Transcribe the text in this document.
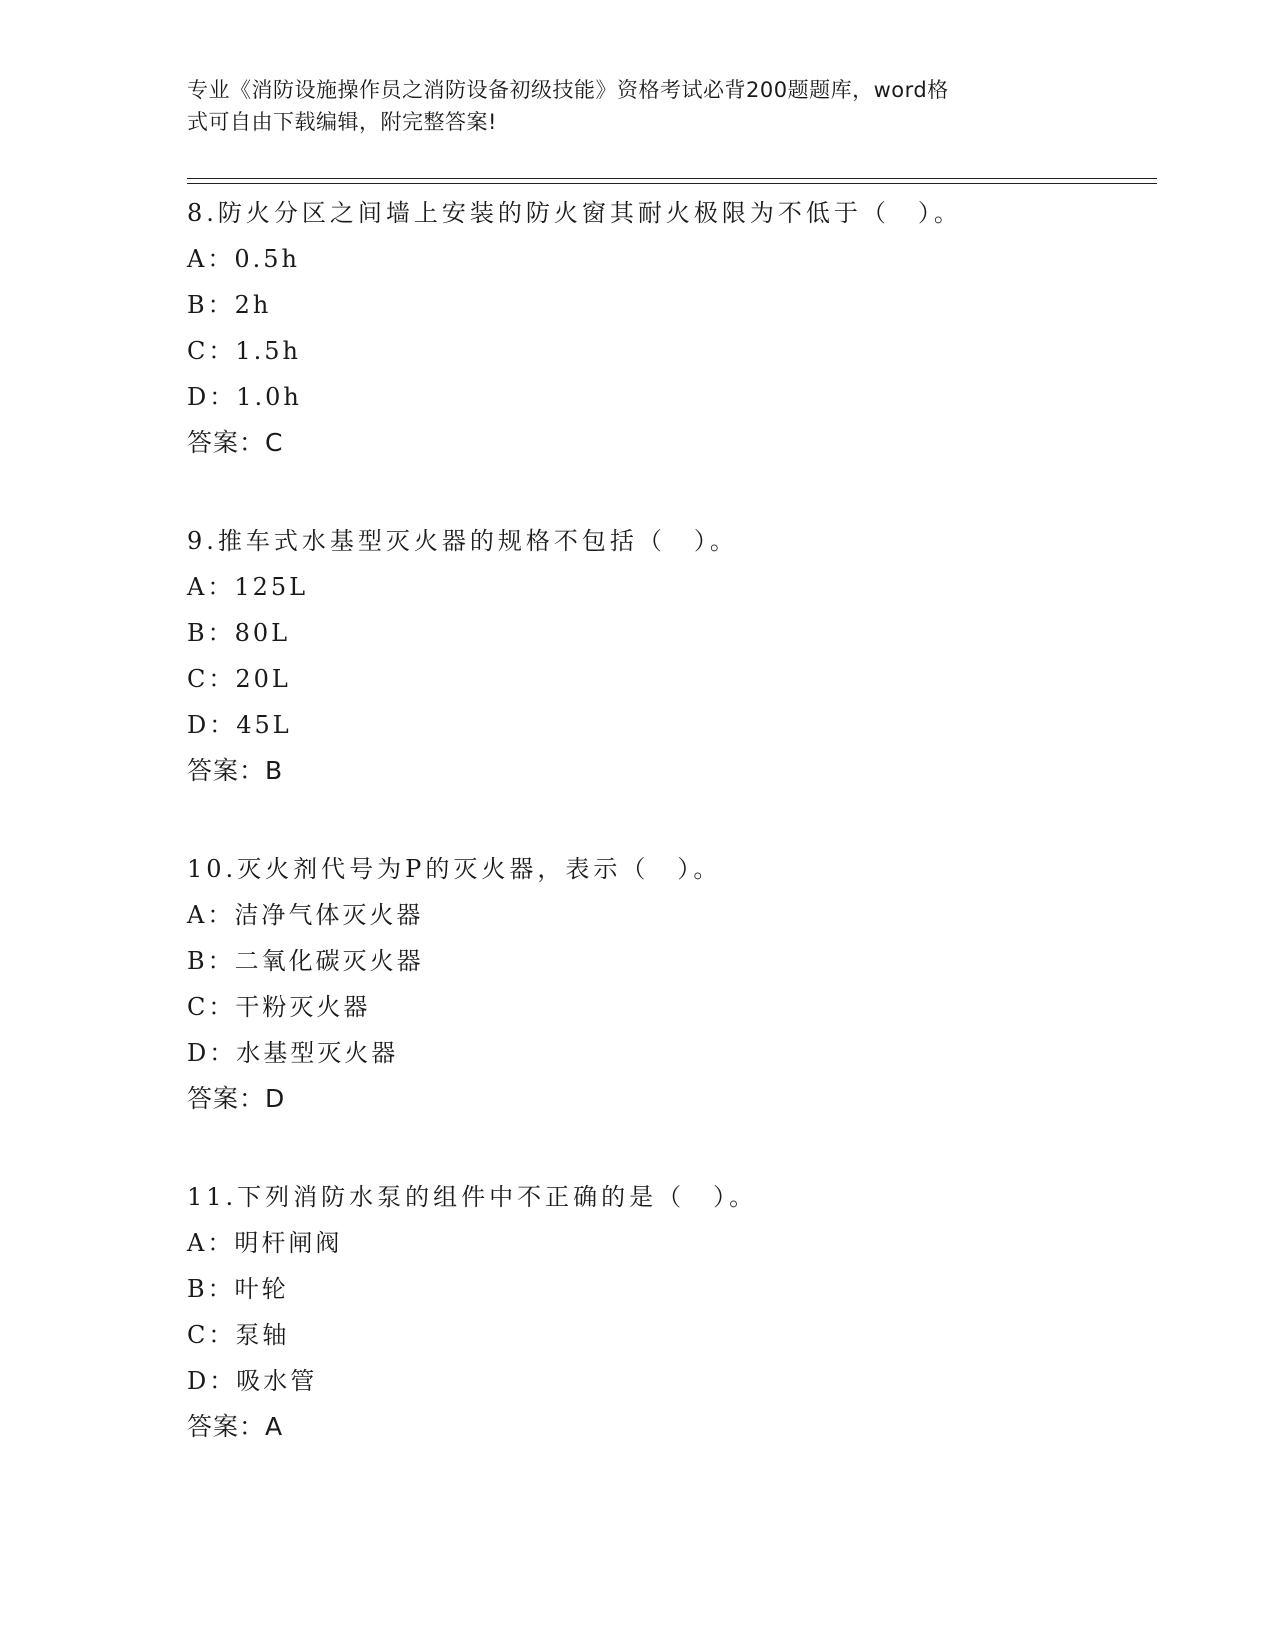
专业《消防设施操作员之消防设备初级技能》资格考试必背200题题库，word格
式可自由下载编辑，附完整答案!
8.防火分区之间墙上安装的防火窗其耐火极限为不低于（　）。
A：0.5h
B：2h
C：1.5h
D：1.0h
答案：C
9.推车式水基型灭火器的规格不包括（　）。
A：125L
B：80L
C：20L
D：45L
答案：B
10.灭火剂代号为P的灭火器，表示（　）。
A：洁净气体灭火器
B：二氧化碳灭火器
C：干粉灭火器
D：水基型灭火器
答案：D
11.下列消防水泵的组件中不正确的是（　）。
A：明杆闸阀
B：叶轮
C：泵轴
D：吸水管
答案：A
